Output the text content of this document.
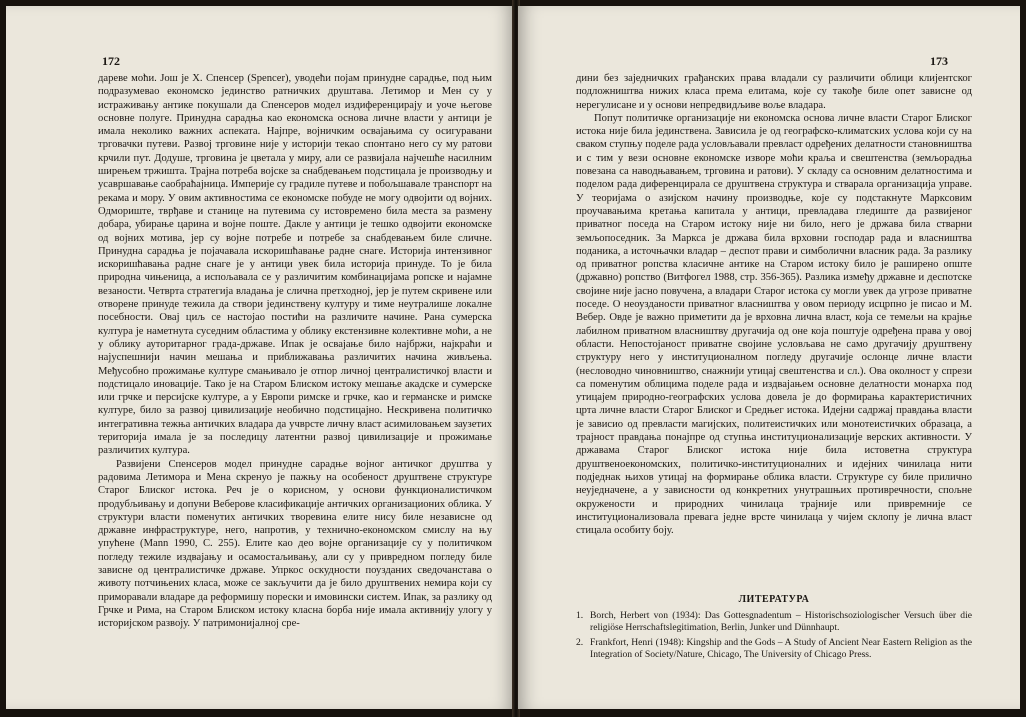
172

дареве моћи. Још је Х. Спенсер (Spencer), уводећи појам принудне сарадње, под њим подразумевао економско јединство ратничких друштава. Летимор и Мен су у истраживању антике покушали да Спенсеров модел издиференцирају и уоче његове основне полуге. Принудна сарадња као економска основа личне власти у антици је имала неколико важних аспеката. Најпре, војничким освајањима су осигуравани трговачки путеви. Развој трговине није у историји текао спонтано него су му ратови крчили пут. Додуше, трговина је цветала у миру, али се развијала најчешће насилним ширењем тржишта. Трајна потреба војске за снабдевањем подстицала је производњу и усавршавање саобраћајница. Империје су градиле путеве и побољшавале транспорт на рекама и мору. У овим активностима се економске побуде не могу одвојити од војних. Одмориште, тврђаве и станице на путевима су истовремено била места за размену добара, убирање царина и војне поште. Дакле у антици је тешко одвојити економске од војних мотива, јер су војне потребе и потребе за снабдевањем биле сличне. Принудна сарадња је појачавала искоришћавање радне снаге. Историја интензивног искоришћавања радне снаге је у антици увек била историја принуде. То је била природна чињеница, а испољавала се у различитим комбинацијама ропске и најамне везаности. Четврта стратегија владања је слична претходној, јер је путем скривене или отворене принуде тежила да створи јединствену културу и тиме неутралише локалне посебности. Овај циљ се настојао постићи на различите начине. Рана сумерска култура је наметнута суседним областима у облику екстензивне колективне моћи, а не у облику ауторитарног града-државе. Ипак је освајање било најбржи, најкраћи и најуспешнији начин мешања и приближавања различитих начина живљења. Међусобно прожимање културе смањивало је отпор личној централистичкој власти и подстицало иновације. Тако је на Старом Блиском истоку мешање акадске и сумерске или грчке и персијске културе, а у Европи римске и грчке, као и германске и римске културе, било за развој цивилизације необично подстицајно. Нескривена политичко интегративна тежња античких владара да учврсте личну власт асимиловањем заузетих територија имала је за последицу латентни развој цивилизације и прожимање различитих култура.

Развијени Спенсеров модел принудне сарадње војног античког друштва у радовима Летимора и Мена скренуо је пажњу на особеност друштвене структуре Старог Блиског истока. Реч је о корисном, у основи функционалистичком продубљивању и допуни Веберове класификације античких организационих облика. У структури власти поменутих античких творевина елите нису биле независне од државне инфраструктуре, него, напротив, у технично-економском смислу на њу упућене (Mann 1990, С. 255). Елите као део војне организације су у политичком погледу тежиле издвајању и осамостаљивању, али су у привредном погледу биле зависне од централистичке државе. Упркос оскудности поузданих сведочанстава о животу потчињених класа, може се закључити да је било друштвених немира који су приморавали владаре да реформишу порески и имовински систем. Ипак, за разлику од Грчке и Рима, на Старом Блиском истоку класна борба није имала активнију улогу у историјском развоју. У патримонијалној сре-

173

дини без заједничких грађанских права владали су различити облици клијентског подложништва нижих класа према елитама, које су такође биле опет зависне од нерегулисане и у основи непредвидљиве воље владара.

Попут политичке организације ни економска основа личне власти Старог Блиског истока није била јединствена. Зависила је од географско-климатских услова који су на сваком ступњу поделе рада условљавали превласт одређених делатности становништва и с тим у вези основне економске изворе моћи краља и свештенства (земљорадња повезана са наводњавањем, трговина и ратови). У складу са основним делатностима и поделом рада диференцирала се друштвена структура и стварала организација управе. У теоријама о азијском начину производње, које су подстакнуте Марксовим проучавањима кретања капитала у антици, превладава гледиште да развијеног приватног поседа на Старом истоку није ни било, него је држава била стварни земљопоседник. За Маркса је држава била врховни господар рада и власништва поданика, а источњачки владар – деспот прави и симболични власник рада. За разлику од приватног ропства класичне антике на Старом истоку било је раширено опште (државно) ропство (Витфогел 1988, стр. 356-365). Разлика између државне и деспотске својине није јасно повучена, а владари Старог истока су могли увек да угрозе приватне поседе. О неоузданости приватног власништва у овом периоду исцрпно је писао и М. Вебер. Овде је важно приметити да је врховна лична власт, која се темељи на крајње лабилном приватном власништву другачија од оне која поштује одређена права у овој области. Непостојаност приватне својине условљава не само другачију друштвену структуру него у институционалном погледу другачије ослонце личне власти (несловодно чиновништво, снажнији утицај свештенства и сл.). Ова околност у спрези са поменутим облицима поделе рада и издвајањем основне делатности монарха под утицајем природно-географских услова довела је до формирања карактеристичних црта личне власти Старог Блиског и Средњег истока. Идејни садржај правдања власти је зависио од превласти магијских, политеистичких или монотеистичких образаца, а трајност правдања понајпре од ступња институционализације верских активности. У државама Старог Блиског истока није била истоветна структура друштвеноекономских, политичко-институционалних и идејних чинилаца нити подједнак њихов утицај на формирање облика власти. Структуре су биле прилично неуједначене, а у зависности од конкретних унутрашњих противречности, спољне окружености и природних чинилаца трајније или привремније се институционализовала превага једне врсте чинилаца у чијем склопу је лична власт стицала особиту боју.

ЛИТЕРАТУРА
1. Borch, Herbert von (1934): Das Gottesgnadentum – Historischsoziologischer Versuch über die religiöse Herrschaftslegitimation, Berlin, Junker und Dünnhaupt.
2. Frankfort, Henri (1948): Kingship and the Gods – A Study of Ancient Near Eastern Religion as the Integration of Society/Nature, Chicago, The University of Chicago Press.
